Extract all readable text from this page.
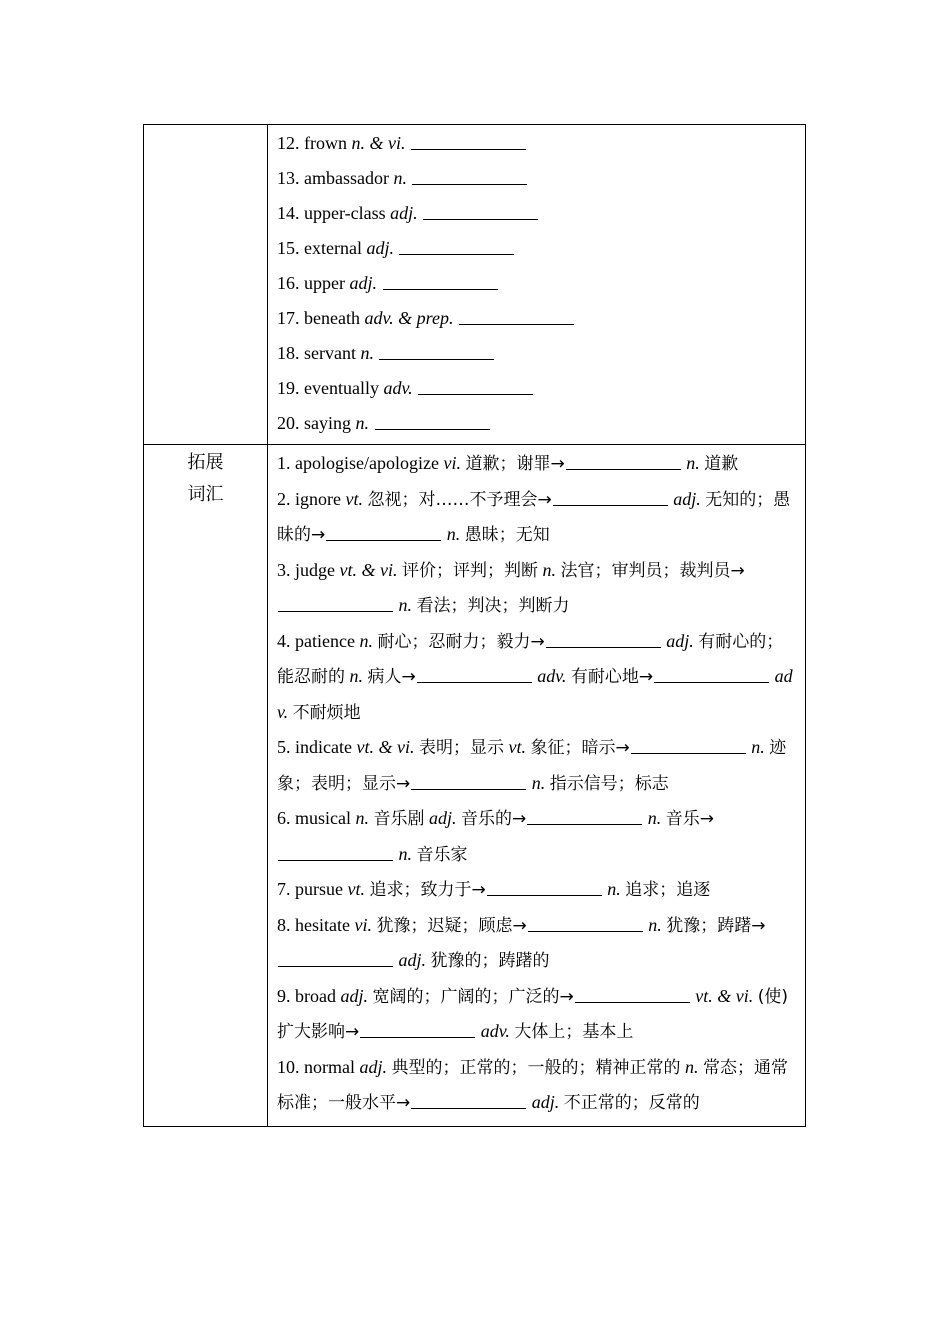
12. frown n. & vi.
13. ambassador n.
14. upper-class adj.
15. external adj.
16. upper adj.
17. beneath adv. & prep.
18. servant n.
19. eventually adv.
20. saying n.
拓展
词汇
1. apologise/apologize vi. 道歉；谢罪→	n. 道歉
2. ignore vt. 忽视；对……不予理会→	adj. 无知的；愚昧的→	n. 愚昧；无知
3. judge vt. & vi. 评价；评判；判断 n. 法官；审判员；裁判员→ n. 看法；判决；判断力
4. patience n. 耐心；忍耐力；毅力→	adj. 有耐心的；能忍耐的 n. 病人→	adv. 有耐心地→	adv. 不耐烦地
5. indicate vt. & vi. 表明；显示 vt. 象征；暗示→	n. 迹象；表明；显示→	n. 指示信号；标志
6. musical n. 音乐剧 adj. 音乐的→	n. 音乐→ n. 音乐家
7. pursue vt. 追求；致力于→	n. 追求；追逐
8. hesitate vi. 犹豫；迟疑；顾虑→	n. 犹豫；踌躇→ adj. 犹豫的；踌躇的
9. broad adj. 宽阔的；广阔的；广泛的→	vt. & vi. (使)扩大影响→	adv. 大体上；基本上
10. normal adj. 典型的；正常的；一般的；精神正常的 n. 常态；通常标准；一般水平→	adj. 不正常的；反常的
